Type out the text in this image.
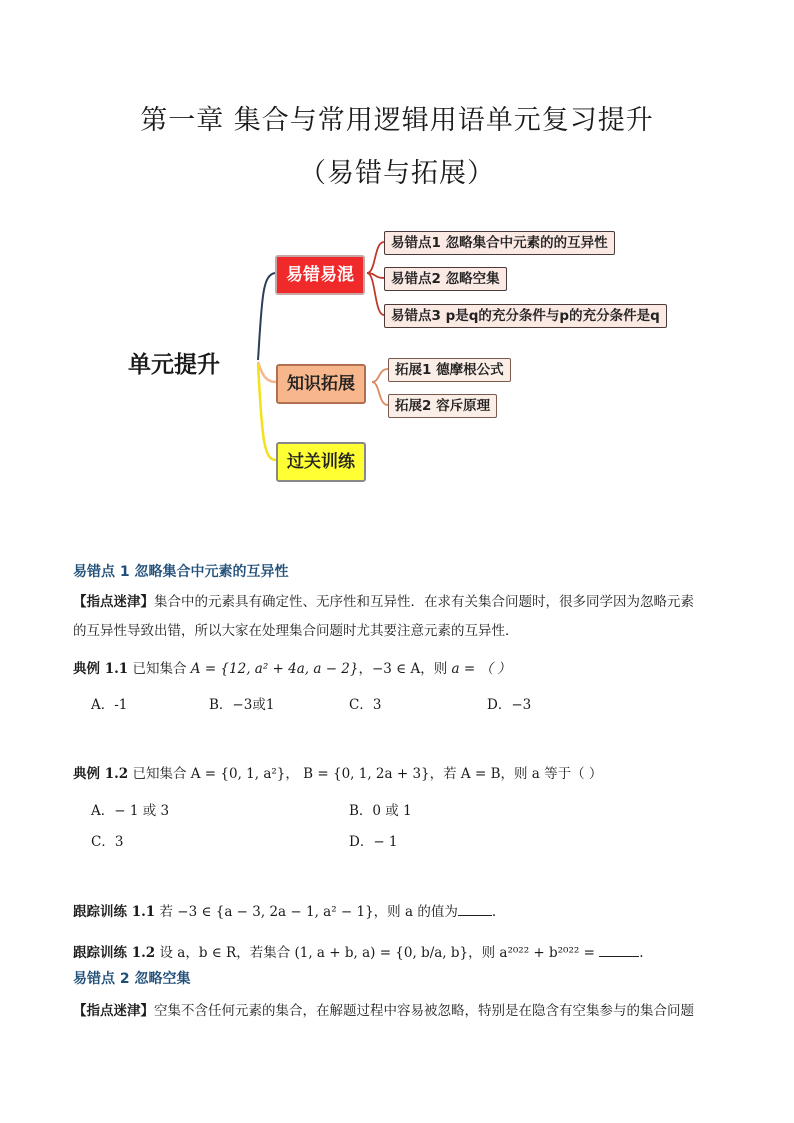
第一章 集合与常用逻辑用语单元复习提升
（易错与拓展）
单元提升
易错易混
知识拓展
过关训练
易错点1 忽略集合中元素的的互异性
易错点2 忽略空集
易错点3 p是q的充分条件与p的充分条件是q
拓展1 德摩根公式
拓展2 容斥原理
易错点 1 忽略集合中元素的互异性
【指点迷津】集合中的元素具有确定性、无序性和互异性．在求有关集合问题时，很多同学因为忽略元素
的互异性导致出错，所以大家在处理集合问题时尤其要注意元素的互异性．
典例 1.1 已知集合 A = {12, a² + 4a, a − 2}，−3 ∈ A，则 a = （ ）
A．-1	B．−3或1	C．3	D．−3
典例 1.2 已知集合 A = {0, 1, a²}， B = {0, 1, 2a + 3}，若 A = B，则 a 等于（ ）
A．− 1 或 3	B．0 或 1
C．3	D．− 1
跟踪训练 1.1 若 −3 ∈ {a − 3, 2a − 1, a² − 1}，则 a 的值为	.
跟踪训练 1.2 设 a，b ∈ R，若集合 (1, a + b, a) = {0, b/a, b}，则 a²⁰²² + b²⁰²² =	.
易错点 2 忽略空集
【指点迷津】空集不含任何元素的集合，在解题过程中容易被忽略，特别是在隐含有空集参与的集合问题
